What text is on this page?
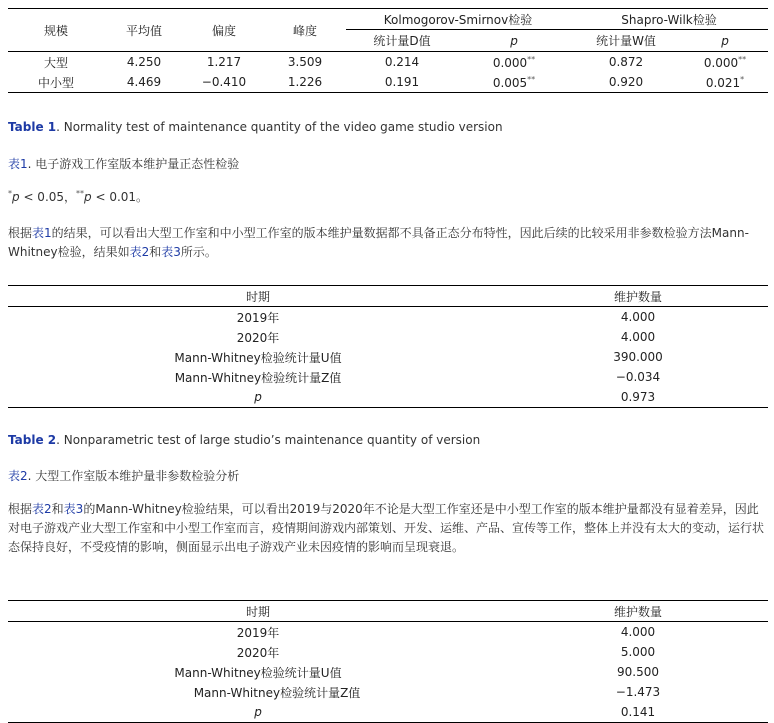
规模	平均值	偏度	峰度	Kolmogorov-Smirnov检验		Shapro-Wilk检验	
				统计量D值	p	统计量W值	p
大型	4.250	1.217	3.509	0.214	0.000**	0.872	0.000**
中小型	4.469	−0.410	1.226	0.191	0.005**	0.920	0.021*
Table 1. Normality test of maintenance quantity of the video game studio version
表1. 电子游戏工作室版本维护量正态性检验
*p < 0.05，**p < 0.01。
根据表1的结果，可以看出大型工作室和中小型工作室的版本维护量数据都不具备正态分布特性，因此后续的比较采用非参数检验方法Mann-Whitney检验，结果如表2和表3所示。
时期	维护数量
2019年	4.000
2020年	4.000
Mann-Whitney检验统计量U值	390.000
Mann-Whitney检验统计量Z值	−0.034
p	0.973
Table 2. Nonparametric test of large studio’s maintenance quantity of version
表2. 大型工作室版本维护量非参数检验分析
根据表2和表3的Mann-Whitney检验结果，可以看出2019与2020年不论是大型工作室还是中小型工作室的版本维护量都没有显着差异，因此对电子游戏产业大型工作室和中小型工作室而言，疫情期间游戏内部策划、开发、运维、产品、宣传等工作，整体上并没有太大的变动，运行状态保持良好，不受疫情的影响，侧面显示出电子游戏产业未因疫情的影响而呈现衰退。
时期	维护数量
2019年	4.000
2020年	5.000
Mann-Whitney检验统计量U值	90.500
Mann-Whitney检验统计量Z值	−1.473
p	0.141
